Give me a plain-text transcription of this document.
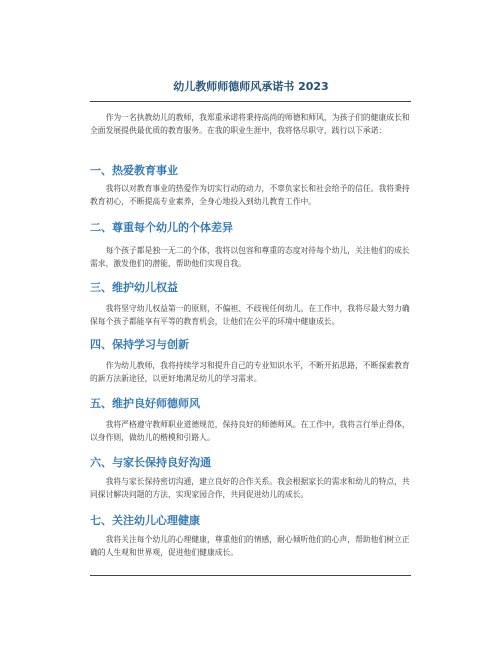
幼儿教师师德师风承诺书 2023

作为一名执教幼儿的教师，我郑重承诺将秉持高尚的师德和师风，为孩子们的健康成长和全面发展提供最优质的教育服务。在我的职业生涯中，我将恪尽职守，践行以下承诺：

一、热爱教育事业

我将以对教育事业的热爱作为切实行动的动力，不辜负家长和社会给予的信任。我将秉持教育初心，不断提高专业素养，全身心地投入到幼儿教育工作中。

二、尊重每个幼儿的个体差异

每个孩子都是独一无二的个体，我将以包容和尊重的态度对待每个幼儿，关注他们的成长需求，激发他们的潜能，帮助他们实现自我。

三、维护幼儿权益

我将坚守幼儿权益第一的原则，不偏袒、不歧视任何幼儿。在工作中，我将尽最大努力确保每个孩子都能享有平等的教育机会，让他们在公平的环境中健康成长。

四、保持学习与创新

作为幼儿教师，我将持续学习和提升自己的专业知识水平，不断开拓思路，不断探索教育的新方法新途径，以更好地满足幼儿的学习需求。

五、维护良好师德师风

我将严格遵守教师职业道德规范，保持良好的师德师风。在工作中，我将言行举止得体，以身作则，做幼儿的楷模和引路人。

六、与家长保持良好沟通

我将与家长保持密切沟通，建立良好的合作关系。我会根据家长的需求和幼儿的特点，共同探讨解决问题的方法，实现家园合作，共同促进幼儿的成长。

七、关注幼儿心理健康

我将关注每个幼儿的心理健康，尊重他们的情感，耐心倾听他们的心声，帮助他们树立正确的人生观和世界观，促进他们健康成长。
